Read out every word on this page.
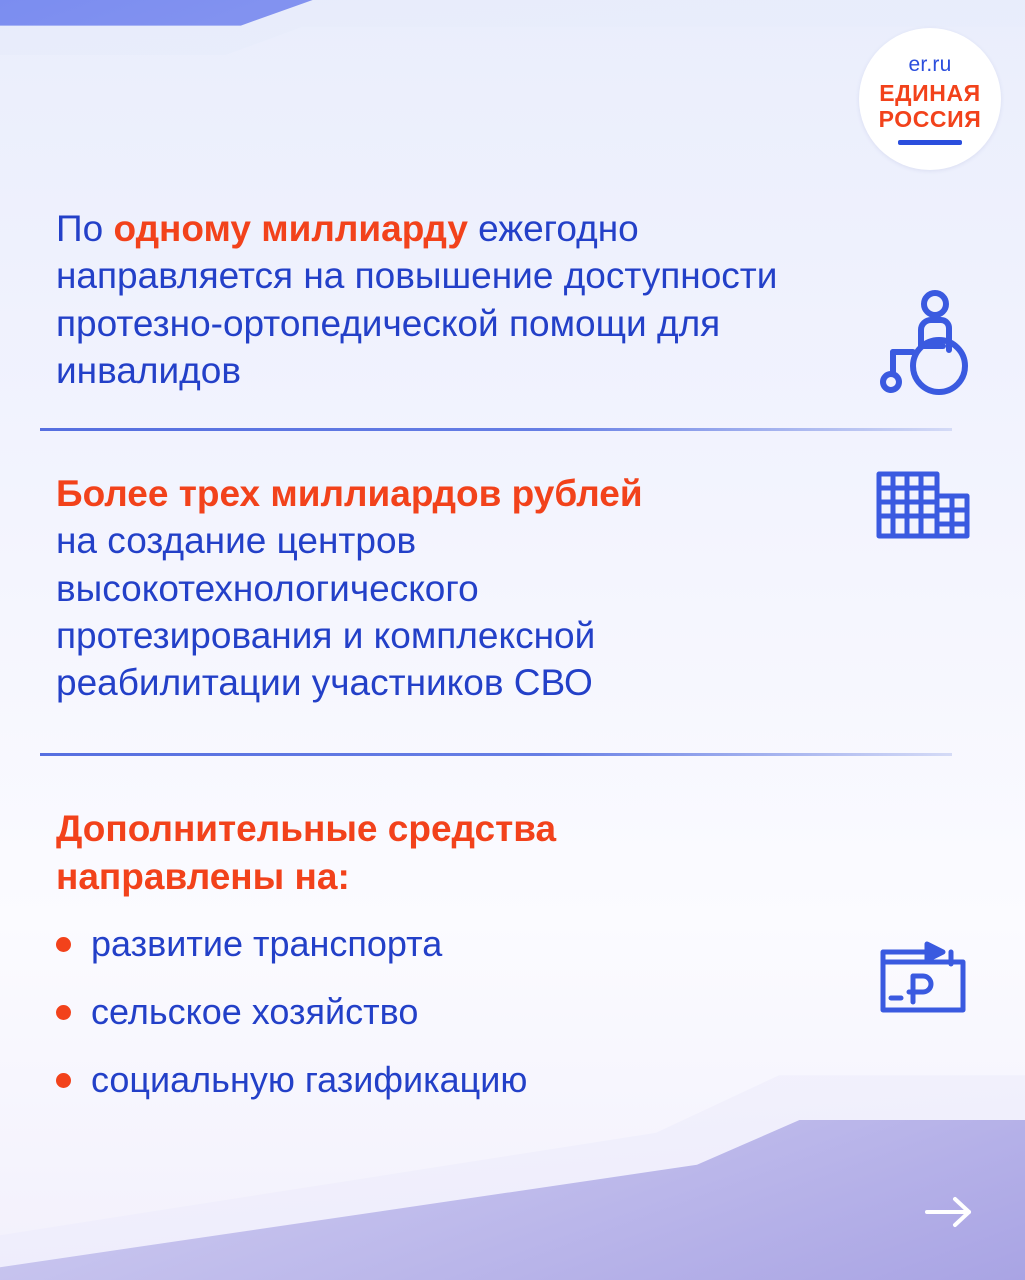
er.ru
ЕДИНАЯ
РОССИЯ
По одному миллиарду ежегодно направляется на повышение доступности протезно-ортопедической помощи для инвалидов
Более трех миллиардов рублей
на создание центров высокотехнологического протезирования и комплексной реабилитации участников СВО
Дополнительные средства направлены на:
развитие транспорта
сельское хозяйство
социальную газификацию
